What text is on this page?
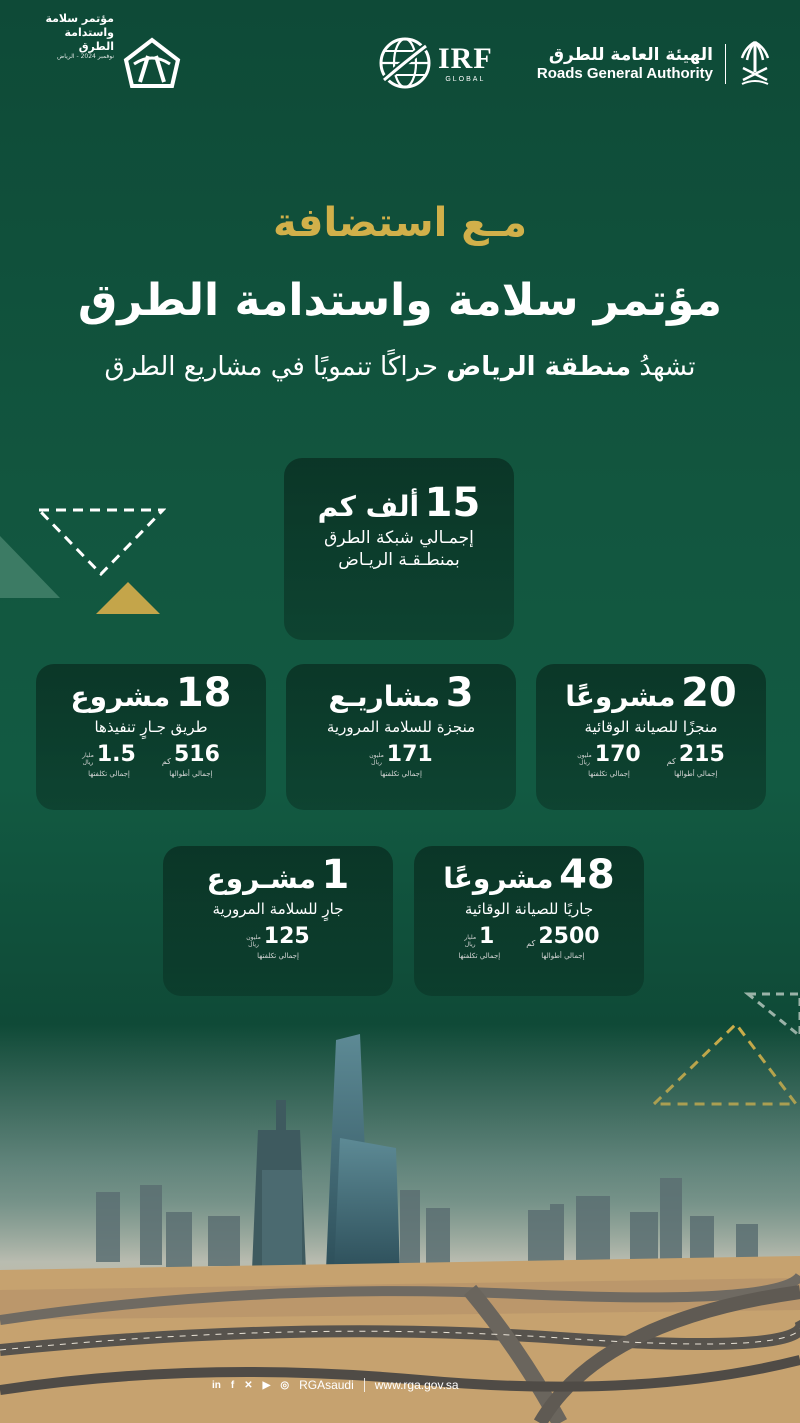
الهيئة العامة للطرق
Roads General Authority
IRF
GLOBAL
مؤتمر سلامة
واستدامة
الطرق
نوفمبر 2024 - الرياض
مـع استضافة
مؤتمر سلامة واستدامة الطرق
تشهدُ منطقة الرياض حراكًا تنمويًا في مشاريع الطرق
15 ألف كم
إجمـالي شبكة الطرق
بمنطـقـة الريـاض
20 مشروعًا
منجزًا للصيانة الوقائية
215
كم
إجمالي أطوالها
170
مليون
ريال
إجمالي تكلفتها
3 مشاريـع
منجزة للسلامة المرورية
171
مليون
ريال
إجمالي تكلفتها
18 مشروع
طريق جـارٍ تنفيذها
516
كم
إجمالي أطوالها
1.5
مليار
ريال
إجمالي تكلفتها
48 مشروعًا
جاريًا للصيانة الوقائية
2500
كم
إجمالي أطوالها
1
مليار
ريال
إجمالي تكلفتها
1 مشـروع
جارٍ للسلامة المرورية
125
مليون
ريال
إجمالي تكلفتها
in f ✕ ▶ ◎ RGAsaudi www.rga.gov.sa
